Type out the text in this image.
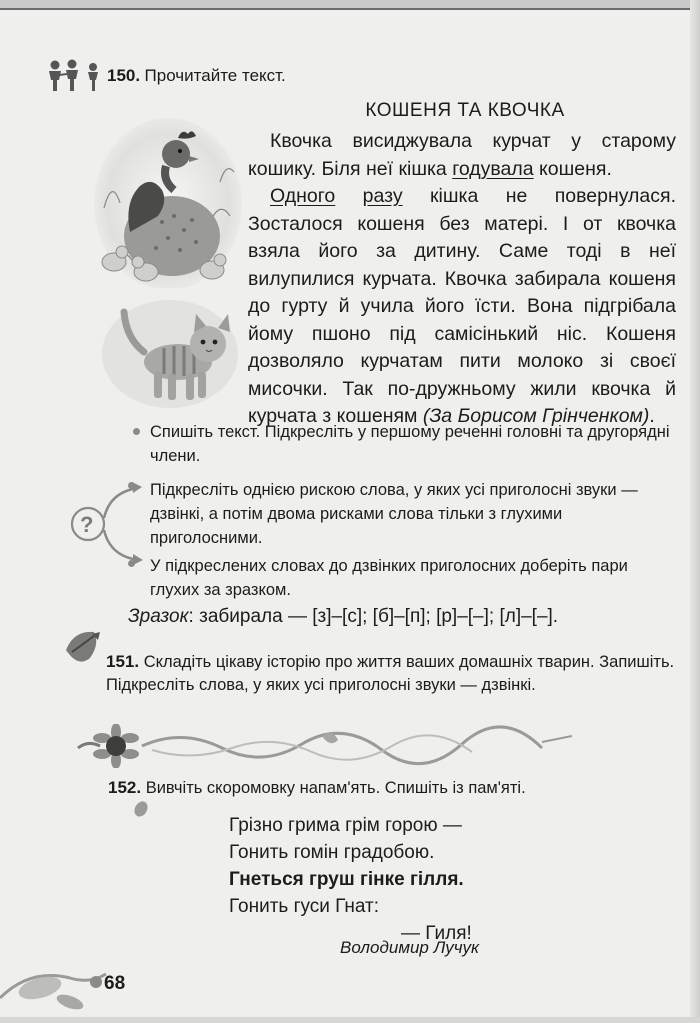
150. Прочитайте текст.
КОШЕНЯ ТА КВОЧКА

Квочка висиджувала курчат у старому кошику. Біля неї кішка годувала кошеня.

Одного разу кішка не повернулася. Зосталося кошеня без матері. І от квочка взяла його за дитину. Саме тоді в неї вилупилися курчата. Квочка забирала кошеня до гурту й учила його їсти. Вона підгрібала йому пшоно під самісінький ніс. Кошеня дозволяло курчатам пити молоко зі своєї мисочки. Так по-дружньому жили квочка й курчата з кошеням (За Борисом Грінченком).

Спишіть текст. Підкресліть у першому реченні головні та другорядні члени.
?
Підкресліть однією рискою слова, у яких усі приголосні звуки — дзвінкі, а потім двома рисками слова тільки з глухими приголосними.
У підкреслених словах до дзвінких приголосних доберіть пари глухих за зразком.
Зразок: забирала — [з]–[с]; [б]–[п]; [р]–[–]; [л]–[–].
151. Складіть цікаву історію про життя ваших домашніх тварин. Запишіть. Підкресліть слова, у яких усі приголосні звуки — дзвінкі.
152. Вивчіть скоромовку напам'ять. Спишіть із пам'яті.
Грізно грима грім горою —
Гонить гомін градобою.
Гнеться груш гінке гілля.
Гонить гуси Гнат:
— Гиля!
Володимир Лучук
68
